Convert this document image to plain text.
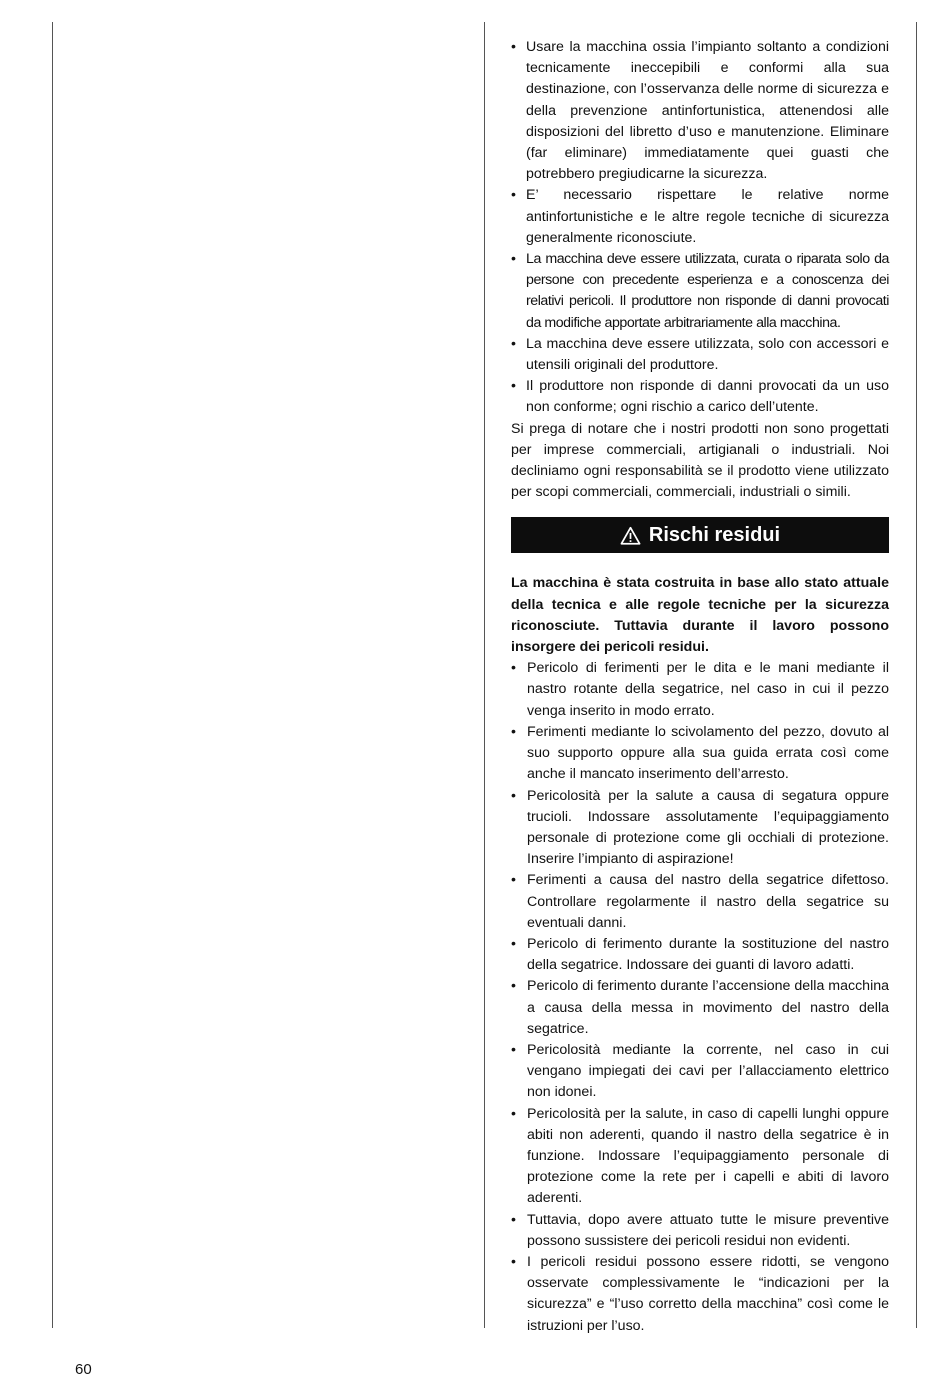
• Usare la macchina ossia l’impianto soltanto a condizioni tecnicamente ineccepibili e conformi alla sua destinazione, con l’osservanza delle norme di sicurezza e della prevenzione antinfortunistica, attenendosi alle disposizioni del libretto d’uso e manutenzione. Eliminare (far eliminare) immediatamente quei guasti che potrebbero pregiudicarne la sicurezza.
• E’ necessario rispettare le relative norme antinfortunistiche e le altre regole tecniche di sicurezza generalmente riconosciute.
• La macchina deve essere utilizzata, curata o riparata solo da persone con precedente esperienza e a conoscenza dei relativi pericoli. Il produttore non risponde di danni provocati da modifiche apportate arbitrariamente alla macchina.
• La macchina deve essere utilizzata, solo con accessori e utensili originali del produttore.
• Il produttore non risponde di danni provocati da un uso non conforme; ogni rischio a carico dell’utente.

Si prega di notare che i nostri prodotti non sono progettati per imprese commerciali, artigianali o industriali. Noi decliniamo ogni responsabilità se il prodotto viene utilizzato per scopi commerciali, commerciali, industriali o simili.

Rischi residui

La macchina è stata costruita in base allo stato attuale della tecnica e alle regole tecniche per la sicurezza riconosciute. Tuttavia durante il lavoro possono insorgere dei pericoli residui.

• Pericolo di ferimenti per le dita e le mani mediante il nastro rotante della segatrice, nel caso in cui il pezzo venga inserito in modo errato.
• Ferimenti mediante lo scivolamento del pezzo, dovuto al suo supporto oppure alla sua guida errata così come anche il mancato inserimento dell’arresto.
• Pericolosità per la salute a causa di segatura oppure trucioli. Indossare assolutamente l’equipaggiamento personale di protezione come gli occhiali di protezione. Inserire l’impianto di aspirazione!
• Ferimenti a causa del nastro della segatrice difettoso. Controllare regolarmente il nastro della segatrice su eventuali danni.
• Pericolo di ferimento durante la sostituzione del nastro della segatrice. Indossare dei guanti di lavoro adatti.
• Pericolo di ferimento durante l’accensione della macchina a causa della messa in movimento del nastro della segatrice.
• Pericolosità mediante la corrente, nel caso in cui vengano impiegati dei cavi per l’allacciamento elettrico non idonei.
• Pericolosità per la salute, in caso di capelli lunghi oppure abiti non aderenti, quando il nastro della segatrice è in funzione. Indossare l’equipaggiamento personale di protezione come la rete per i capelli e abiti di lavoro aderenti.
• Tuttavia, dopo avere attuato tutte le misure preventive possono sussistere dei pericoli residui non evidenti.
• I pericoli residui possono essere ridotti, se vengono osservate complessivamente le “indicazioni per la sicurezza” e “l’uso corretto della macchina” così come le istruzioni per l’uso.
60
